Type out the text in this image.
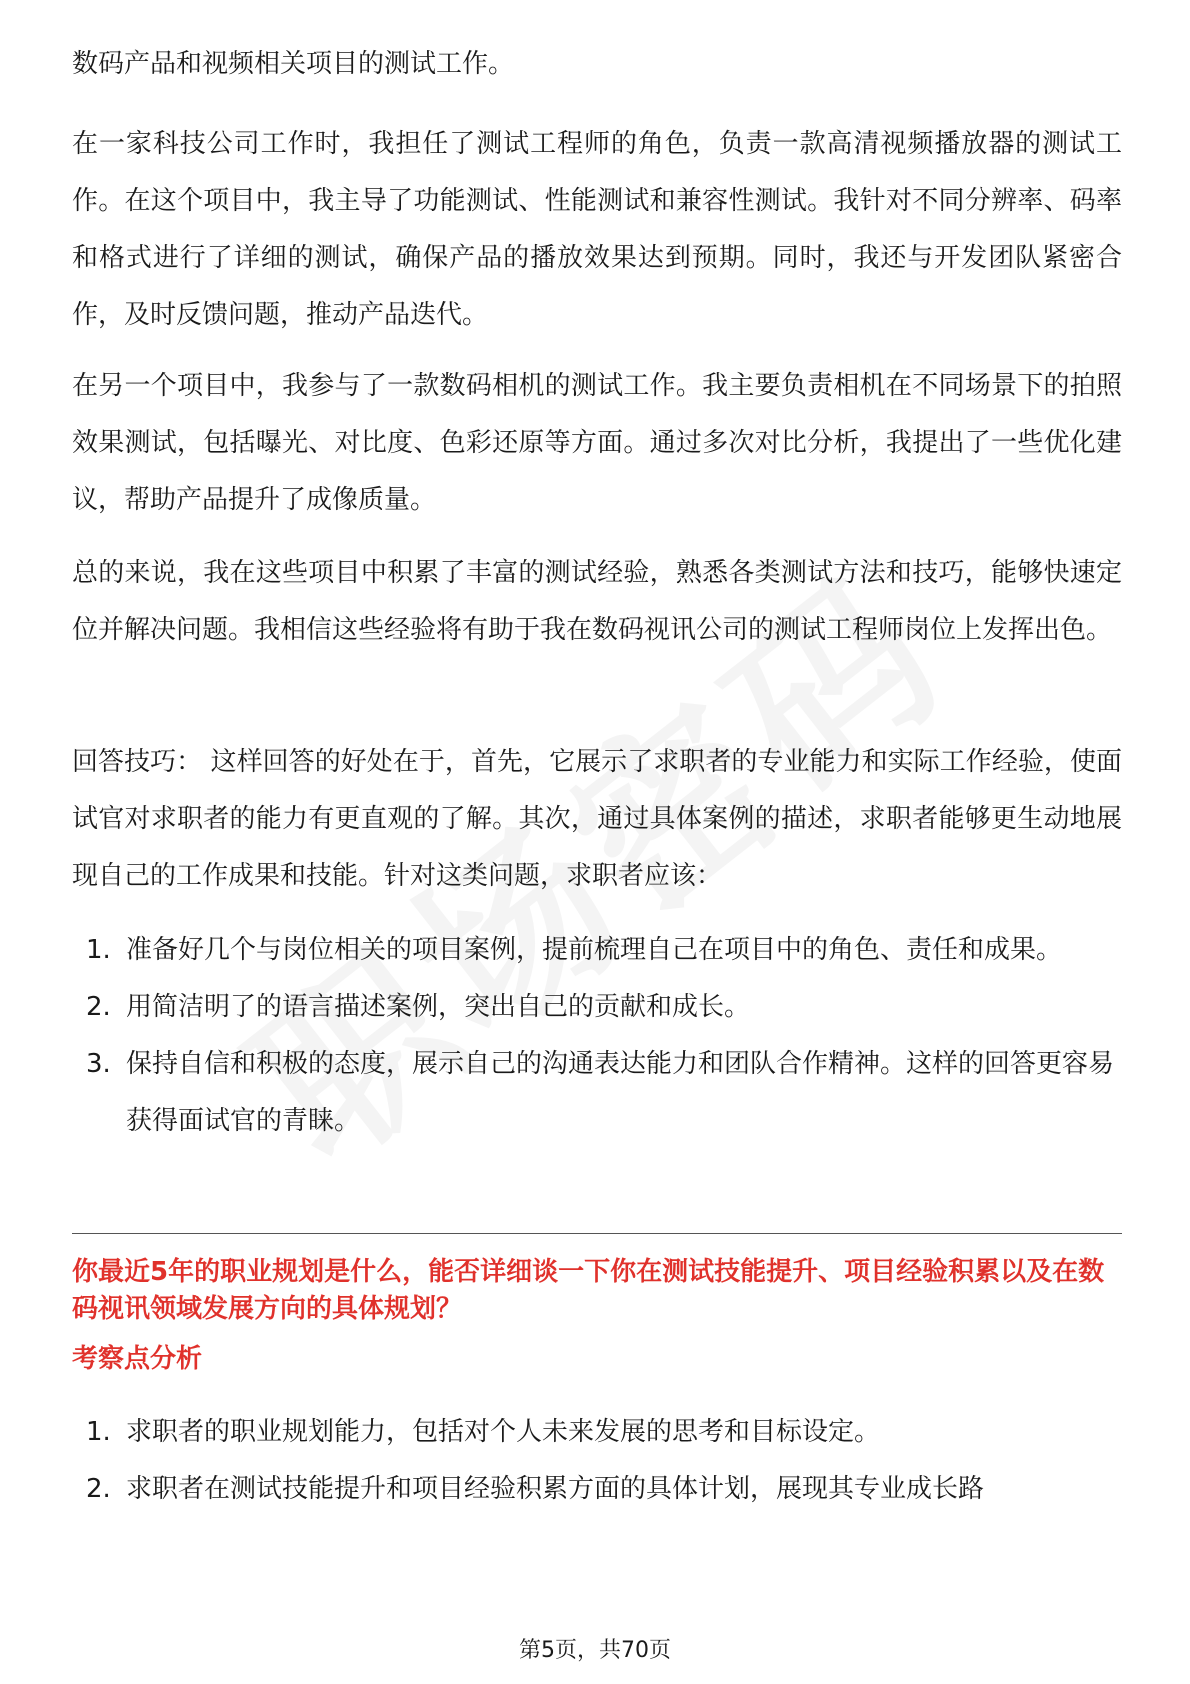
数码产品和视频相关项目的测试工作。

在一家科技公司工作时，我担任了测试工程师的角色，负责一款高清视频播放器的测试工作。在这个项目中，我主导了功能测试、性能测试和兼容性测试。我针对不同分辨率、码率和格式进行了详细的测试，确保产品的播放效果达到预期。同时，我还与开发团队紧密合作，及时反馈问题，推动产品迭代。

在另一个项目中，我参与了一款数码相机的测试工作。我主要负责相机在不同场景下的拍照效果测试，包括曝光、对比度、色彩还原等方面。通过多次对比分析，我提出了一些优化建议，帮助产品提升了成像质量。

总的来说，我在这些项目中积累了丰富的测试经验，熟悉各类测试方法和技巧，能够快速定位并解决问题。我相信这些经验将有助于我在数码视讯公司的测试工程师岗位上发挥出色。

回答技巧： 这样回答的好处在于，首先，它展示了求职者的专业能力和实际工作经验，使面试官对求职者的能力有更直观的了解。其次，通过具体案例的描述，求职者能够更生动地展现自己的工作成果和技能。针对这类问题，求职者应该：

1. 准备好几个与岗位相关的项目案例，提前梳理自己在项目中的角色、责任和成果。
2. 用简洁明了的语言描述案例，突出自己的贡献和成长。
3. 保持自信和积极的态度，展示自己的沟通表达能力和团队合作精神。这样的回答更容易获得面试官的青睐。

你最近5年的职业规划是什么，能否详细谈一下你在测试技能提升、项目经验积累以及在数码视讯领域发展方向的具体规划？

考察点分析

1. 求职者的职业规划能力，包括对个人未来发展的思考和目标设定。
2. 求职者在测试技能提升和项目经验积累方面的具体计划，展现其专业成长路
第5页，共70页
